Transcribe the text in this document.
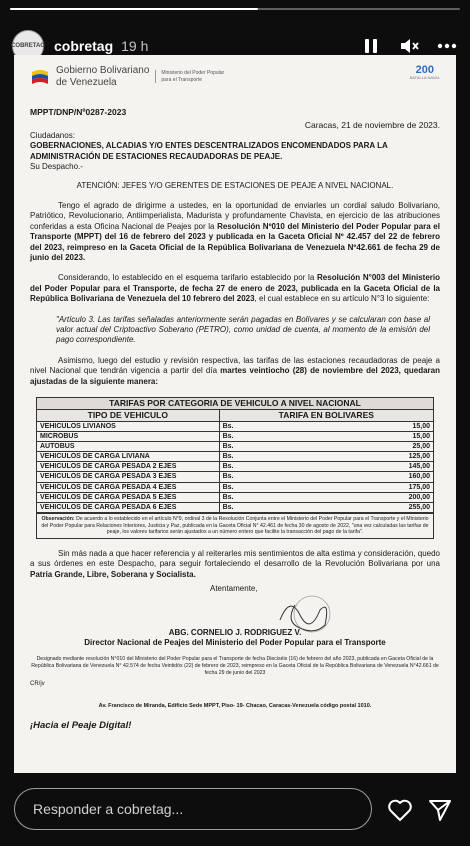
COBRETAG cobretag 19 h
Gobierno Bolivariano
de Venezuela
Ministerio del Poder Popular
para el Transporte
200
BATALLA NAVAL
MPPT/DNP/Nº0287-2023
Caracas, 21 de noviembre de 2023.

Ciudadanos:

GOBERNACIONES, ALCADIAS Y/O ENTES DESCENTRALIZADOS ENCOMENDADOS PARA LA ADMINISTRACIÓN DE ESTACIONES RECAUDADORAS DE PEAJE.

Su Despacho.-

ATENCIÓN: JEFES Y/O GERENTES DE ESTACIONES DE PEAJE A NIVEL NACIONAL.

Tengo el agrado de dirigirme a ustedes, en la oportunidad de enviarles un cordial saludo Bolivariano, Patriótico, Revolucionario, Antiimperialista, Madurista y profundamente Chavista, en ejercicio de las atribuciones conferidas a esta Oficina Nacional de Peajes por la Resolución Nº010 del Ministerio del Poder Popular para el Transporte (MPPT) del 16 de febrero del 2023 y publicada en la Gaceta Oficial Nº 42.457 del 22 de febrero del 2023, reimpreso en la Gaceta Oficial de la República Bolivariana de Venezuela Nº42.661 de fecha 29 de junio del 2023.

Considerando, lo establecido en el esquema tarifario establecido por la Resolución N°003 del Ministerio del Poder Popular para el Transporte, de fecha 27 de enero de 2023, publicada en la Gaceta Oficial de la República Bolivariana de Venezuela del 10 febrero del 2023, el cual establece en su artículo N°3 lo siguiente:

"Artículo 3. Las tarifas señaladas anteriormente serán pagadas en Bolívares y se calcularan con base al valor actual del Criptoactivo Soberano (PETRO), como unidad de cuenta, al momento de la emisión del pago correspondiente.

Asimismo, luego del estudio y revisión respectiva, las tarifas de las estaciones recaudadoras de peaje a nivel Nacional que tendrán vigencia a partir del día martes veintiocho (28) de noviembre del 2023, quedaran ajustadas de la siguiente manera:

TARIFAS POR CATEGORIA DE VEHICULO A NIVEL NACIONAL		
TIPO DE VEHICULO	TARIFA EN BOLIVARES	
VEHICULOS LIVIANOS	Bs.	15,00
MICROBUS	Bs.	15,00
AUTOBUS	Bs.	25,00
VEHICULOS DE CARGA LIVIANA	Bs.	125,00
VEHICULOS DE CARGA PESADA 2 EJES	Bs.	145,00
VEHICULOS DE CARGA PESADA 3 EJES	Bs.	160,00
VEHICULOS DE CARGA PESADA 4 EJES	Bs.	175,00
VEHICULOS DE CARGA PESADA 5 EJES	Bs.	200,00
VEHICULOS DE CARGA PESADA 6 EJES	Bs.	255,00
Observación: De acuerdo a lo establecido en el artículo N°9, ordinal 3 de la Resolución Conjunta entre el Ministerio del Poder Popular para el Transporte y el Ministerio del Poder Popular para Relaciones Interiores, Justicia y Paz, publicada en la Gaceta Oficial N° 42.461 de fecha 30 de agosto de 2022, "una vez calculadas las tarifas de peaje, los valores tarifarios serán ajustados a un número entero que facilite la transacción del pago de la tarifa".

Sin más nada a que hacer referencia y al reiterarles mis sentimientos de alta estima y consideración, quedo a sus órdenes en este Despacho, para seguir fortaleciendo el desarrollo de la Revolución Bolivariana por una Patria Grande, Libre, Soberana y Socialista.

Atentamente,
ABG. CORNELIO J. RODRIGUEZ V.
Director Nacional de Peajes del Ministerio del Poder Popular para el Transporte
Designado mediante resolución N°010 del Ministerio del Poder Popular para el Transporte de fecha Dieciséis (16) de febrero del año 2023, publicada en Gaceta Oficial de la República Bolivariana de Venezuela N° 42.574 de fecha Veintidós (22) de febrero de 2023, reimpreso en la Gaceta Oficial de la República Bolivariana de Venezuela N°42.661 de fecha 29 de junio del 2023
CR/jv
Av. Francisco de Miranda, Edificio Sede MPPT, Piso- 19- Chacao, Caracas-Venezuela código postal 1010.
¡Hacia el Peaje Digital!
Responder a cobretag...
